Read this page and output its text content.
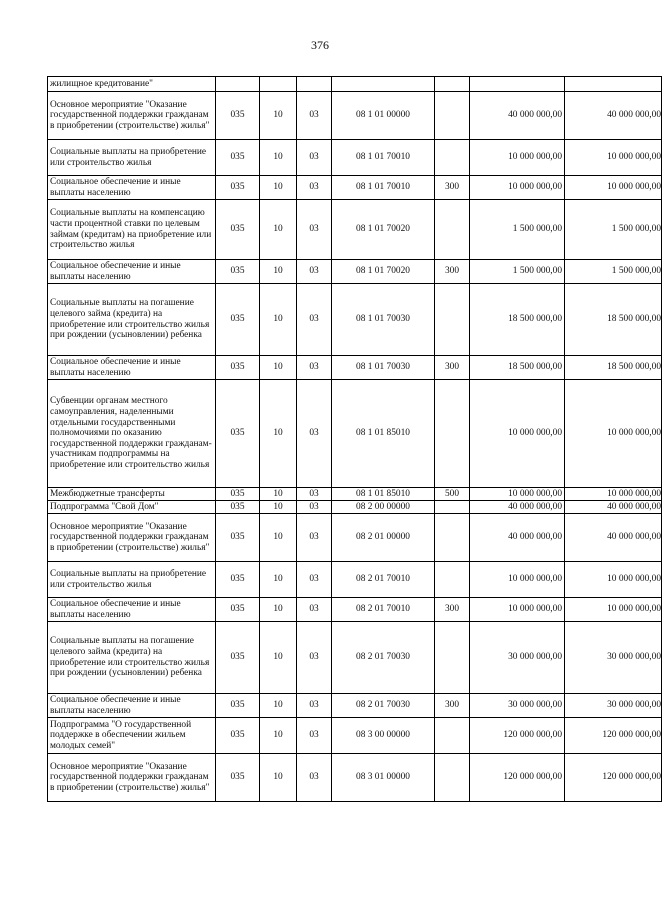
376
жилищное кредитование"							
Основное мероприятие "Оказание государственной поддержки гражданам в приобретении (строительстве) жилья"	035	10	03	08 1 01 00000		40 000 000,00	40 000 000,00
Социальные выплаты на приобретение или строительство жилья	035	10	03	08 1 01 70010		10 000 000,00	10 000 000,00
Социальное обеспечение и иные выплаты населению	035	10	03	08 1 01 70010	300	10 000 000,00	10 000 000,00
Социальные выплаты на компенсацию части процентной ставки по целевым займам (кредитам) на приобретение или строительство жилья	035	10	03	08 1 01 70020		1 500 000,00	1 500 000,00
Социальное обеспечение и иные выплаты населению	035	10	03	08 1 01 70020	300	1 500 000,00	1 500 000,00
Социальные выплаты на погашение целевого займа (кредита) на приобретение или строительство жилья при рождении (усыновлении) ребенка	035	10	03	08 1 01 70030		18 500 000,00	18 500 000,00
Социальное обеспечение и иные выплаты населению	035	10	03	08 1 01 70030	300	18 500 000,00	18 500 000,00
Субвенции органам местного самоуправления, наделенными отдельными государственными полномочиями по оказанию государственной поддержки гражданам-участникам подпрограммы на приобретение или строительство жилья	035	10	03	08 1 01 85010		10 000 000,00	10 000 000,00
Межбюджетные трансферты	035	10	03	08 1 01 85010	500	10 000 000,00	10 000 000,00
Подпрограмма "Свой Дом"	035	10	03	08 2 00 00000		40 000 000,00	40 000 000,00
Основное мероприятие "Оказание государственной поддержки гражданам в приобретении (строительстве) жилья"	035	10	03	08 2 01 00000		40 000 000,00	40 000 000,00
Социальные выплаты на приобретение или строительство жилья	035	10	03	08 2 01 70010		10 000 000,00	10 000 000,00
Социальное обеспечение и иные выплаты населению	035	10	03	08 2 01 70010	300	10 000 000,00	10 000 000,00
Социальные выплаты на погашение целевого займа (кредита) на приобретение или строительство жилья при рождении (усыновлении) ребенка	035	10	03	08 2 01 70030		30 000 000,00	30 000 000,00
Социальное обеспечение и иные выплаты населению	035	10	03	08 2 01 70030	300	30 000 000,00	30 000 000,00
Подпрограмма "О государственной поддержке в обеспечении жильем молодых семей"	035	10	03	08 3 00 00000		120 000 000,00	120 000 000,00
Основное мероприятие "Оказание государственной поддержки гражданам в приобретении (строительстве) жилья"	035	10	03	08 3 01 00000		120 000 000,00	120 000 000,00
